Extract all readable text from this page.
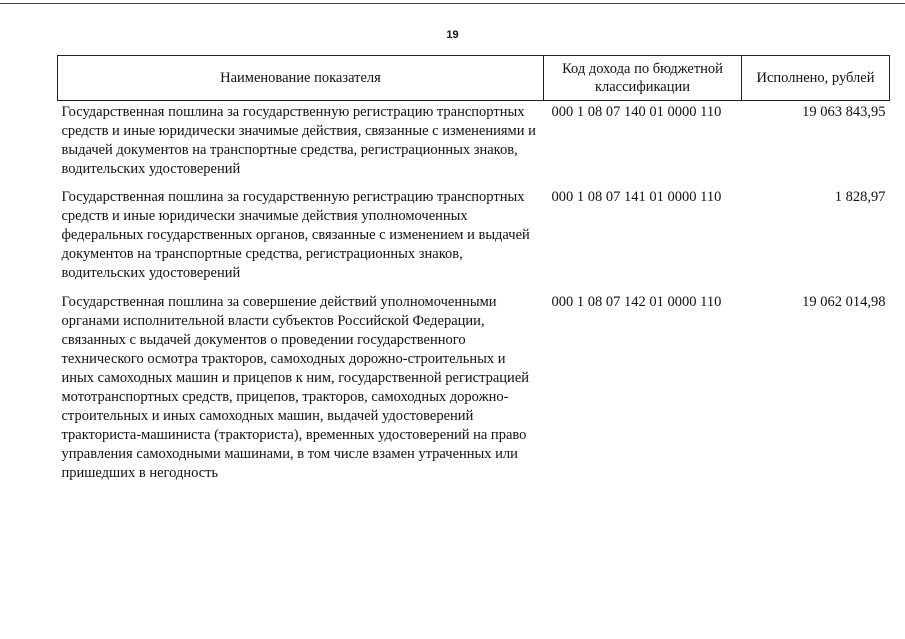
19
Наименование показателя	Код дохода по бюджетной классификации	Исполнено, рублей
Государственная пошлина за государственную регистрацию транспортных средств и иные юридически значимые действия, связанные с изменениями и выдачей документов на транспортные средства, регистрационных знаков, водительских удостоверений	000 1 08 07 140 01 0000 110	19 063 843,95
Государственная пошлина за государственную регистрацию транспортных средств и иные юридически значимые действия уполномоченных федеральных государственных органов, связанные с изменением и выдачей документов на транспортные средства, регистрационных знаков, водительских удостоверений	000 1 08 07 141 01 0000 110	1 828,97
Государственная пошлина за совершение действий уполномоченными органами исполнительной власти субъектов Российской Федерации, связанных с выдачей документов о проведении государственного технического осмотра тракторов, самоходных дорожно-строительных и иных самоходных машин и прицепов к ним, государственной регистрацией мототранспортных средств, прицепов, тракторов, самоходных дорожно-строительных и иных самоходных машин, выдачей удостоверений тракториста-машиниста (тракториста), временных удостоверений на право управления самоходными машинами, в том числе взамен утраченных или пришедших в негодность	000 1 08 07 142 01 0000 110	19 062 014,98
